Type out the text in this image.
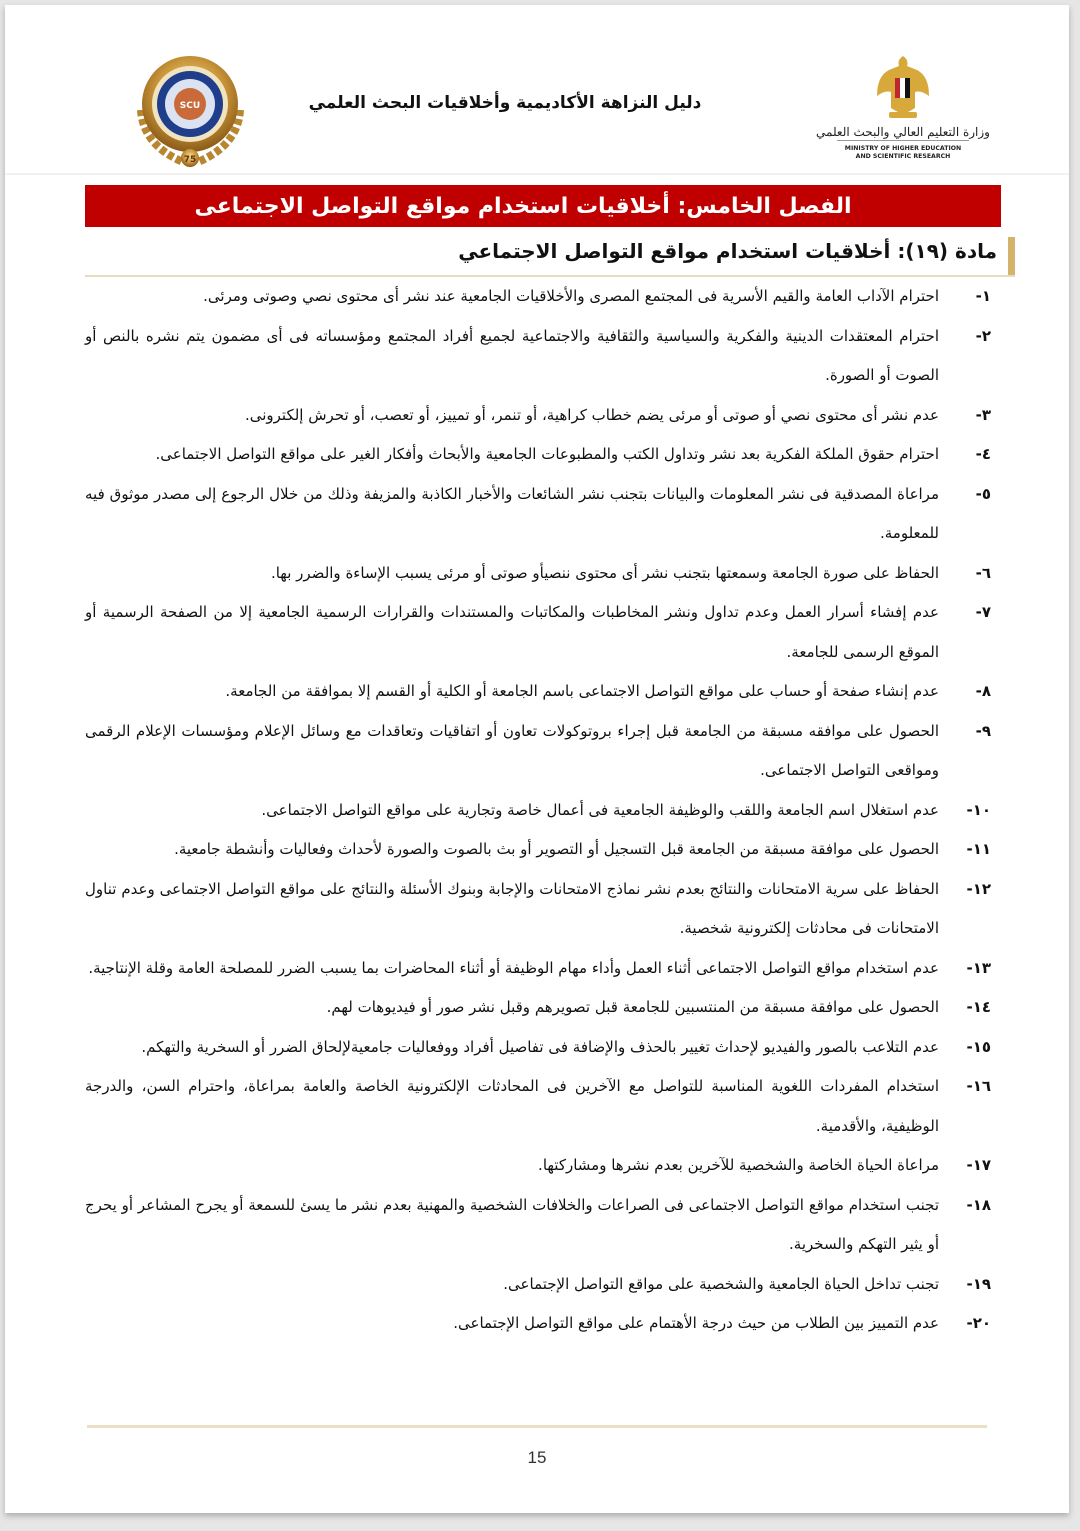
SCU
75
دليل النزاهة الأكاديمية وأخلاقيات البحث العلمي
وزارة التعليم العالي والبحث العلمي
MINISTRY OF HIGHER EDUCATION
AND SCIENTIFIC RESEARCH
الفصل الخامس: أخلاقيات استخدام مواقع التواصل الاجتماعى
مادة (١٩): أخلاقيات استخدام مواقع التواصل الاجتماعي
١-
احترام الآداب العامة والقيم الأسرية فى المجتمع المصرى والأخلاقيات الجامعية عند نشر أى محتوى نصي وصوتى ومرئى.
٢-
احترام المعتقدات الدينية والفكرية والسياسية والثقافية والاجتماعية لجميع أفراد المجتمع ومؤسساته فى أى مضمون يتم نشره بالنص أو الصوت أو الصورة.
٣-
عدم نشر أى محتوى نصي أو صوتى أو مرئى يضم خطاب كراهية، أو تنمر، أو تمييز، أو تعصب، أو تحرش إلكترونى.
٤-
احترام حقوق الملكة الفكرية بعد نشر وتداول الكتب والمطبوعات الجامعية والأبحاث وأفكار الغير على مواقع التواصل الاجتماعى.
٥-
مراعاة المصدقية فى نشر المعلومات والبيانات بتجنب نشر الشائعات والأخبار الكاذبة والمزيفة وذلك من خلال الرجوع إلى مصدر موثوق فيه للمعلومة.
٦-
الحفاظ على صورة الجامعة وسمعتها بتجنب نشر أى محتوى ننصيأو صوتى أو مرئى يسبب الإساءة والضرر بها.
٧-
عدم إفشاء أسرار العمل وعدم تداول ونشر المخاطبات والمكاتبات والمستندات والقرارات الرسمية الجامعية إلا من الصفحة الرسمية أو الموقع الرسمى للجامعة.
٨-
عدم إنشاء صفحة أو حساب على مواقع التواصل الاجتماعى باسم الجامعة أو الكلية أو القسم إلا بموافقة من الجامعة.
٩-
الحصول على موافقه مسبقة من الجامعة قبل إجراء بروتوكولات تعاون أو اتفاقيات وتعاقدات مع وسائل الإعلام ومؤسسات الإعلام الرقمى ومواقعى التواصل الاجتماعى.
١٠-
عدم استغلال اسم الجامعة واللقب والوظيفة الجامعية فى أعمال خاصة وتجارية على مواقع التواصل الاجتماعى.
١١-
الحصول على موافقة مسبقة من الجامعة قبل التسجيل أو التصوير أو بث بالصوت والصورة لأحداث وفعاليات وأنشطة جامعية.
١٢-
الحفاظ على سرية الامتحانات والنتائج بعدم نشر نماذج الامتحانات والإجابة وبنوك الأسئلة والنتائج على مواقع التواصل الاجتماعى وعدم تناول الامتحانات فى محادثات إلكترونية شخصية.
١٣-
عدم استخدام مواقع التواصل الاجتماعى أثناء العمل وأداء مهام الوظيفة أو أثناء المحاضرات بما يسبب الضرر للمصلحة العامة وقلة الإنتاجية.
١٤-
الحصول على موافقة مسبقة من المنتسبين للجامعة قبل تصويرهم وقبل نشر صور أو فيديوهات لهم.
١٥-
عدم التلاعب بالصور والفيديو لإحداث تغيير بالحذف والإضافة فى تفاصيل أفراد ووفعاليات جامعيةلإلحاق الضرر أو السخرية والتهكم.
١٦-
استخدام المفردات اللغوية المناسبة للتواصل مع الآخرين فى المحادثات الإلكترونية الخاصة والعامة بمراعاة، واحترام السن، والدرجة الوظيفية، والأقدمية.
١٧-
مراعاة الحياة الخاصة والشخصية للآخرين بعدم نشرها ومشاركتها.
١٨-
تجنب استخدام مواقع التواصل الاجتماعى فى الصراعات والخلافات الشخصية والمهنية بعدم نشر ما يسئ للسمعة أو يجرح المشاعر أو يحرج أو يثير التهكم والسخرية.
١٩-
تجنب تداخل الحياة الجامعية والشخصية على مواقع التواصل الإجتماعى.
٢٠-
عدم التمييز بين الطلاب من حيث درجة الأهتمام على مواقع التواصل الإجتماعى.
15
